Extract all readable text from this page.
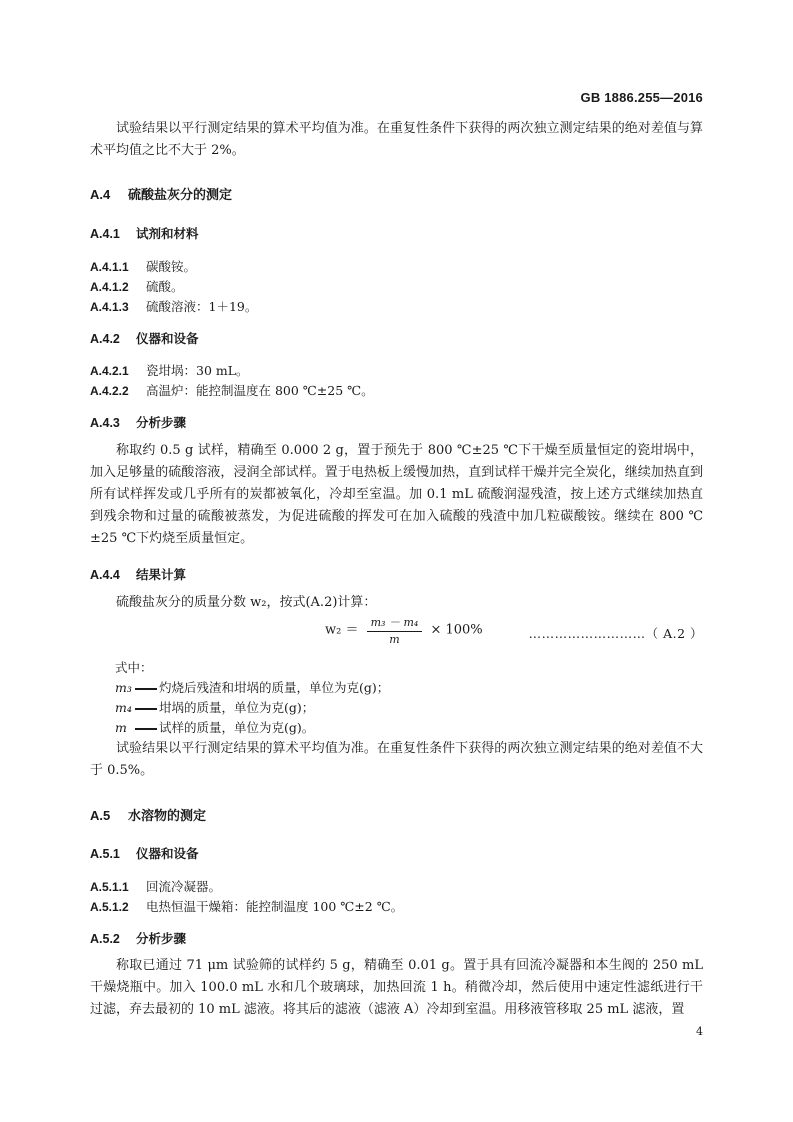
GB 1886.255—2016

试验结果以平行测定结果的算术平均值为准。在重复性条件下获得的两次独立测定结果的绝对差值与算术平均值之比不大于 2%。

A.4 硫酸盐灰分的测定
A.4.1 试剂和材料
A.4.1.1 碳酸铵。
A.4.1.2 硫酸。
A.4.1.3 硫酸溶液：1＋19。
A.4.2 仪器和设备
A.4.2.1 瓷坩埚：30 mL。
A.4.2.2 高温炉：能控制温度在 800 ℃±25 ℃。
A.4.3 分析步骤

称取约 0.5 g 试样，精确至 0.000 2 g，置于预先于 800 ℃±25 ℃下干燥至质量恒定的瓷坩埚中，加入足够量的硫酸溶液，浸润全部试样。置于电热板上缓慢加热，直到试样干燥并完全炭化，继续加热直到所有试样挥发或几乎所有的炭都被氧化，冷却至室温。加 0.1 mL 硫酸润湿残渣，按上述方式继续加热直到残余物和过量的硫酸被蒸发，为促进硫酸的挥发可在加入硫酸的残渣中加几粒碳酸铵。继续在 800 ℃±25 ℃下灼烧至质量恒定。

A.4.4 结果计算

硫酸盐灰分的质量分数 w₂，按式(A.2)计算：

$w_2 = \frac{\text{m₃ － m₄}}{m} \times 100\%$	………………………（ A.2 ）
式中：
m₃ 灼烧后残渣和坩埚的质量，单位为克(g)；
m₄ 坩埚的质量，单位为克(g)；
m	试样的质量，单位为克(g)。

试验结果以平行测定结果的算术平均值为准。在重复性条件下获得的两次独立测定结果的绝对差值不大于 0.5%。

A.5 水溶物的测定
A.5.1 仪器和设备
A.5.1.1 回流冷凝器。
A.5.1.2 电热恒温干燥箱：能控制温度 100 ℃±2 ℃。
A.5.2 分析步骤

称取已通过 71 μm 试验筛的试样约 5 g，精确至 0.01 g。置于具有回流冷凝器和本生阀的 250 mL 干燥烧瓶中。加入 100.0 mL 水和几个玻璃球，加热回流 1 h。稍微冷却，然后使用中速定性滤纸进行干过滤，弃去最初的 10 mL 滤液。将其后的滤液（滤液 A）冷却到室温。用移液管移取 25 mL 滤液，置

4
